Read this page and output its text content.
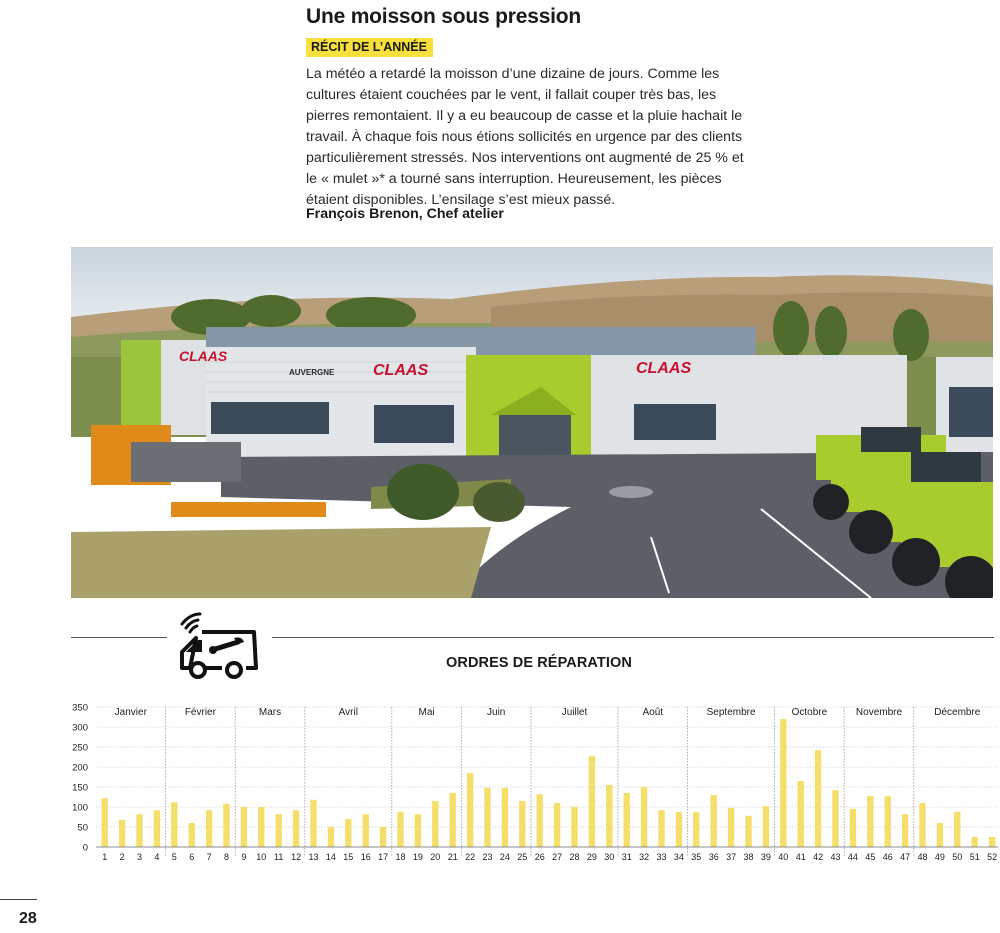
Une moisson sous pression
RÉCIT DE L’ANNÉE

La météo a retardé la moisson d’une dizaine de jours. Comme les cultures étaient couchées par le vent, il fallait couper très bas, les pierres remontaient. Il y a eu beaucoup de casse et la pluie hachait le travail. À chaque fois nous étions sollicités en urgence par des clients particulièrement stressés. Nos interventions ont augmenté de 25 % et le « mulet »* a tourné sans interruption. Heureusement, les pièces étaient disponibles. L’ensilage s’est mieux passé.

François Brenon, Chef atelier
CLAAS
AUVERGNE CLAAS	CLAAS
ORDRES DE RÉPARATION
0
50
100
150
200
250
300
350	Janvier	Février	Mars	Avril	Mai	Juin	Juillet	Août	Septembre	Octobre	Novembre	Décembre
1 2 3 4 5 6 7 8 9 10 11 12 13 14 15 16 17 18 19 20 21 22 23 24 25 26 27 28 29 30 31 32 33 34 35 36 37 38 39 40 41 42 43 44 45 46 47 48 49 50 51 52
28
